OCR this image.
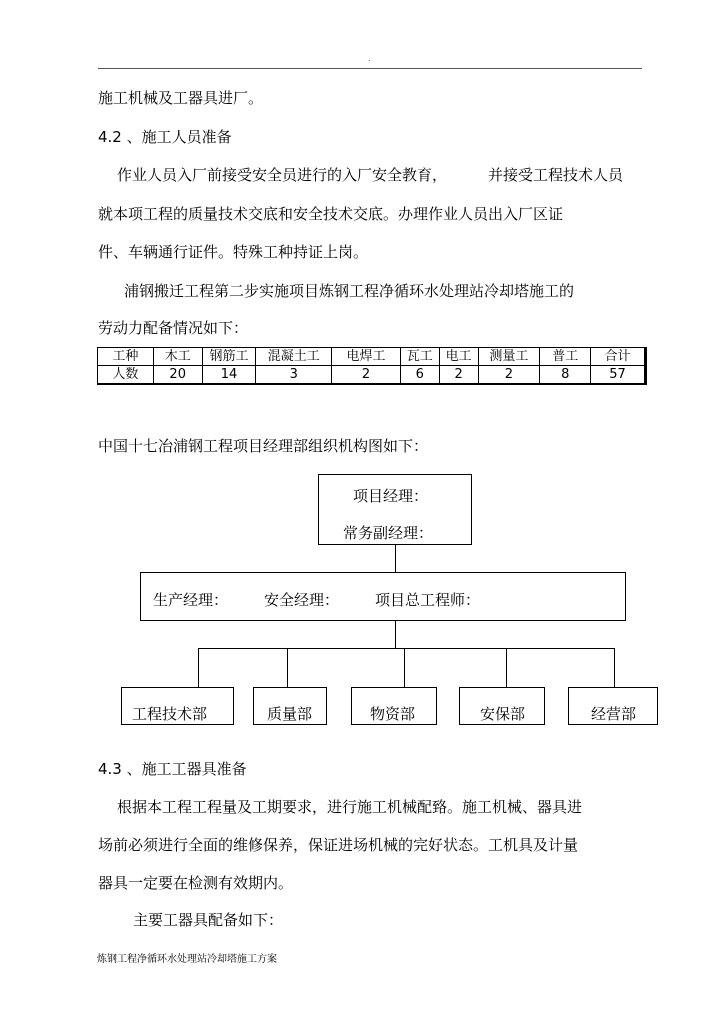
.
施工机械及工器具进厂。
4.2 、施工人员准备
作业人员入厂前接受安全员进行的入厂安全教育，	并接受工程技术人员
就本项工程的质量技术交底和安全技术交底。办理作业人员出入厂区证
件、车辆通行证件。特殊工种持证上岗。
浦钢搬迁工程第二步实施项目炼钢工程净循环水处理站冷却塔施工的
劳动力配备情况如下：
工种	木工	钢筋工	混凝土工	电焊工	瓦工	电工	测量工	普工	合计
人数	20	14	3	2	6	2	2	8	57
中国十七冶浦钢工程项目经理部组织机构图如下：
项目经理：
常务副经理：
生产经理： 安全经理： 项目总工程师：
工程技术部	质量部	物资部	安保部	经营部
4.3 、施工工器具准备
根据本工程工程量及工期要求，进行施工机械配臵。施工机械、器具进
场前必须进行全面的维修保养，保证进场机械的完好状态。工机具及计量
器具一定要在检测有效期内。
主要工器具配备如下：
炼钢工程净循环水处理站冷却塔施工方案
